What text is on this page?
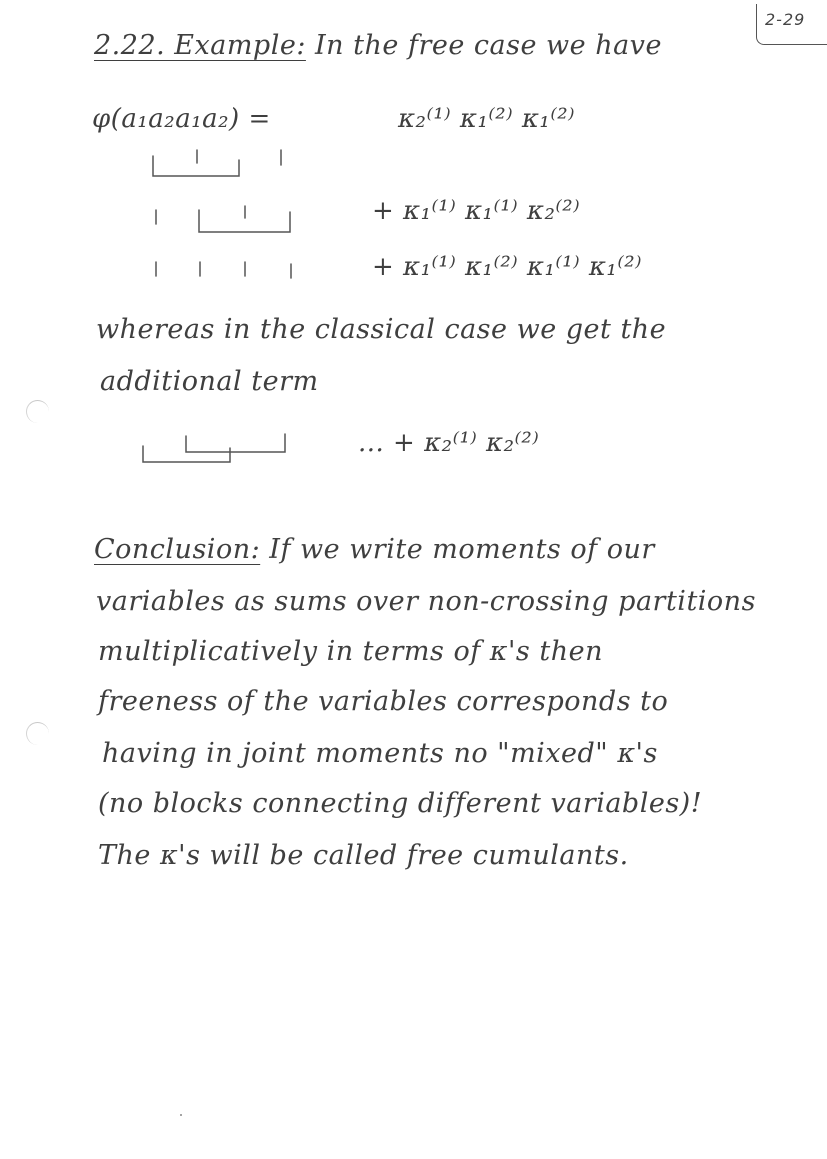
2-29
2.22. Example: In the free case we have
φ(a₁a₂a₁a₂) =	κ₂⁽¹⁾ κ₁⁽²⁾ κ₁⁽²⁾
+ κ₁⁽¹⁾ κ₁⁽¹⁾ κ₂⁽²⁾
+ κ₁⁽¹⁾ κ₁⁽²⁾ κ₁⁽¹⁾ κ₁⁽²⁾
whereas in the classical case we get the
additional term
... + κ₂⁽¹⁾ κ₂⁽²⁾
Conclusion: If we write moments of our
variables as sums over non-crossing partitions
multiplicatively in terms of κ's then
freeness of the variables corresponds to
having in joint moments no "mixed" κ's
(no blocks connecting different variables)!
The κ's will be called free cumulants.
